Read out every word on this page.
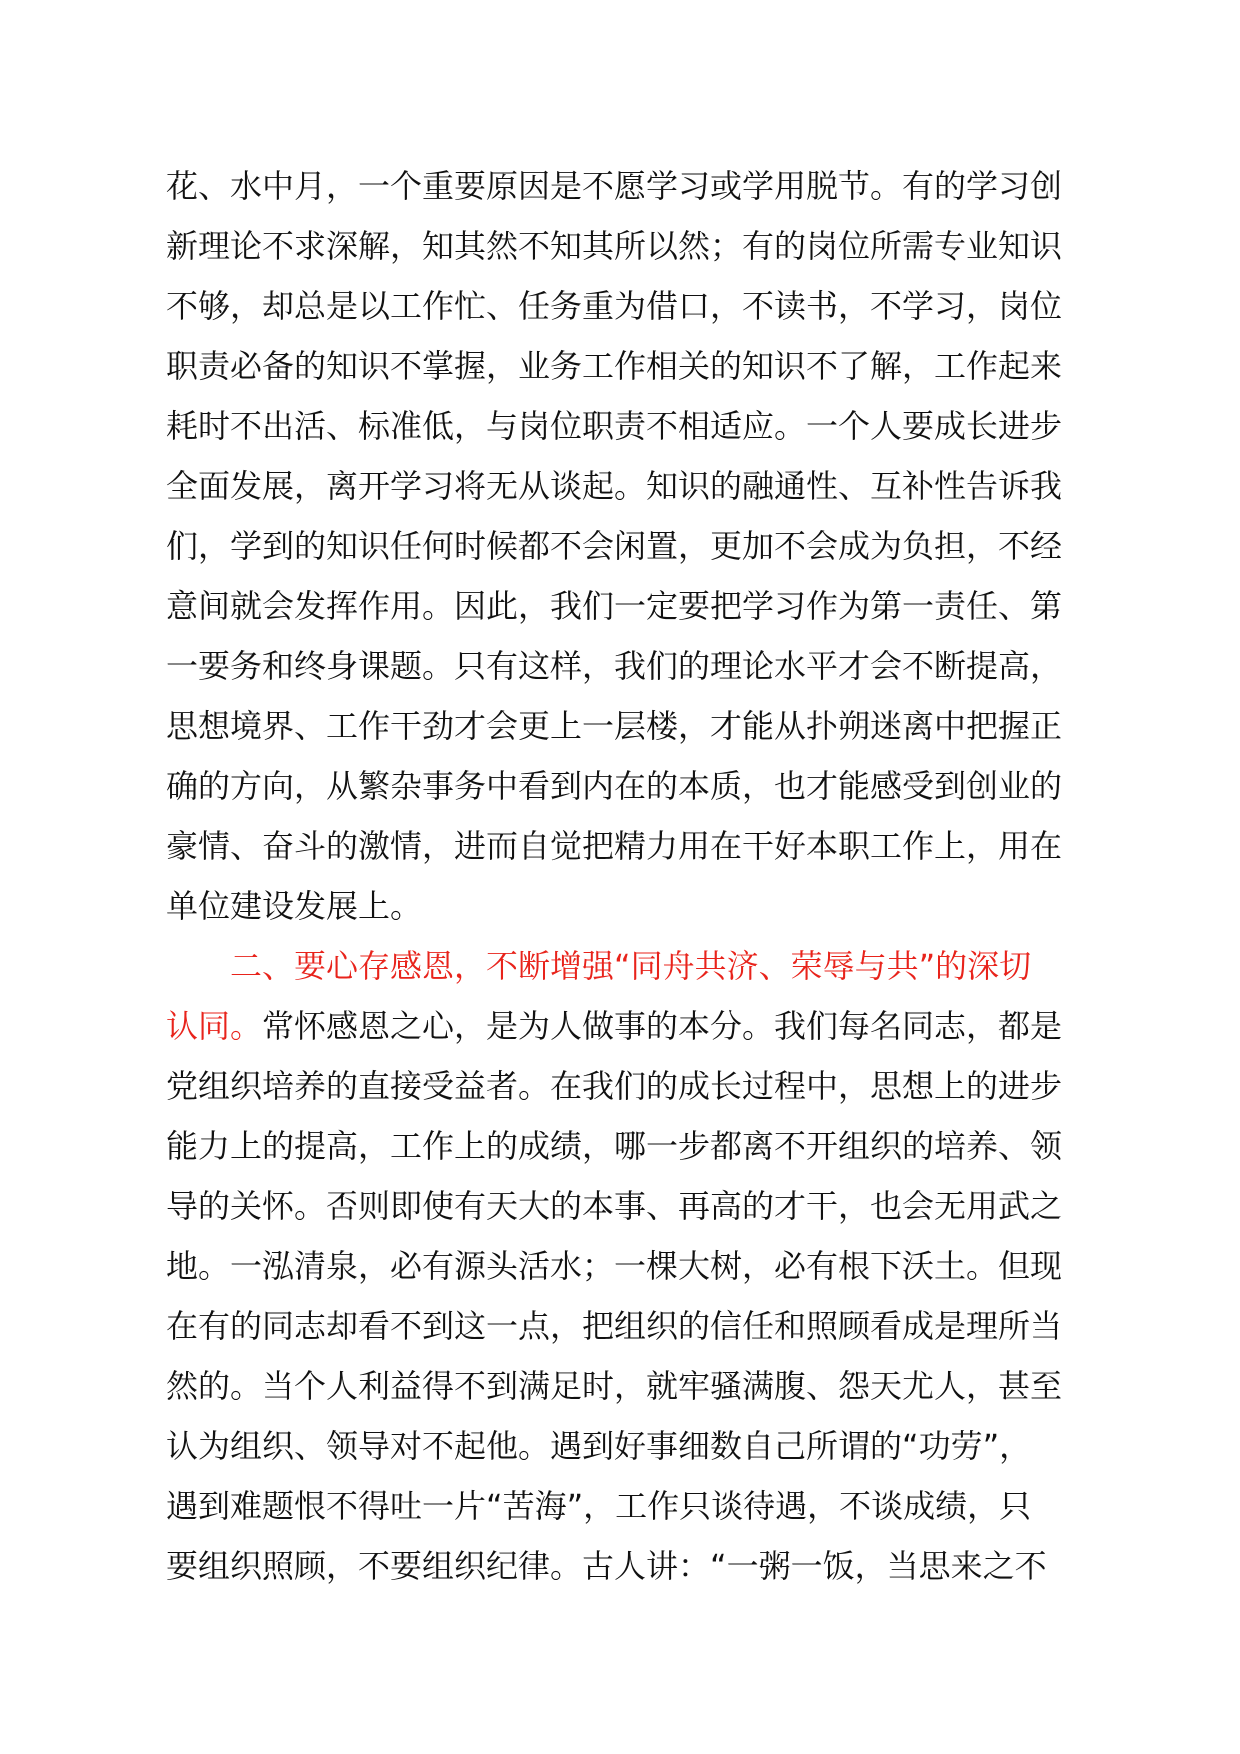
花、水中月，一个重要原因是不愿学习或学用脱节。有的学习创
新理论不求深解，知其然不知其所以然；有的岗位所需专业知识
不够，却总是以工作忙、任务重为借口，不读书，不学习，岗位
职责必备的知识不掌握，业务工作相关的知识不了解，工作起来
耗时不出活、标准低，与岗位职责不相适应。一个人要成长进步
全面发展，离开学习将无从谈起。知识的融通性、互补性告诉我
们，学到的知识任何时候都不会闲置，更加不会成为负担，不经
意间就会发挥作用。因此，我们一定要把学习作为第一责任、第
一要务和终身课题。只有这样，我们的理论水平才会不断提高，
思想境界、工作干劲才会更上一层楼，才能从扑朔迷离中把握正
确的方向，从繁杂事务中看到内在的本质，也才能感受到创业的
豪情、奋斗的激情，进而自觉把精力用在干好本职工作上，用在
单位建设发展上。
二、要心存感恩，不断增强“同舟共济、荣辱与共”的深切
认同。常怀感恩之心，是为人做事的本分。我们每名同志，都是
党组织培养的直接受益者。在我们的成长过程中，思想上的进步
能力上的提高，工作上的成绩，哪一步都离不开组织的培养、领
导的关怀。否则即使有天大的本事、再高的才干，也会无用武之
地。一泓清泉，必有源头活水；一棵大树，必有根下沃土。但现
在有的同志却看不到这一点，把组织的信任和照顾看成是理所当
然的。当个人利益得不到满足时，就牢骚满腹、怨天尤人，甚至
认为组织、领导对不起他。遇到好事细数自己所谓的“功劳”，
遇到难题恨不得吐一片“苦海”，工作只谈待遇，不谈成绩，只
要组织照顾，不要组织纪律。古人讲：“一粥一饭，当思来之不
